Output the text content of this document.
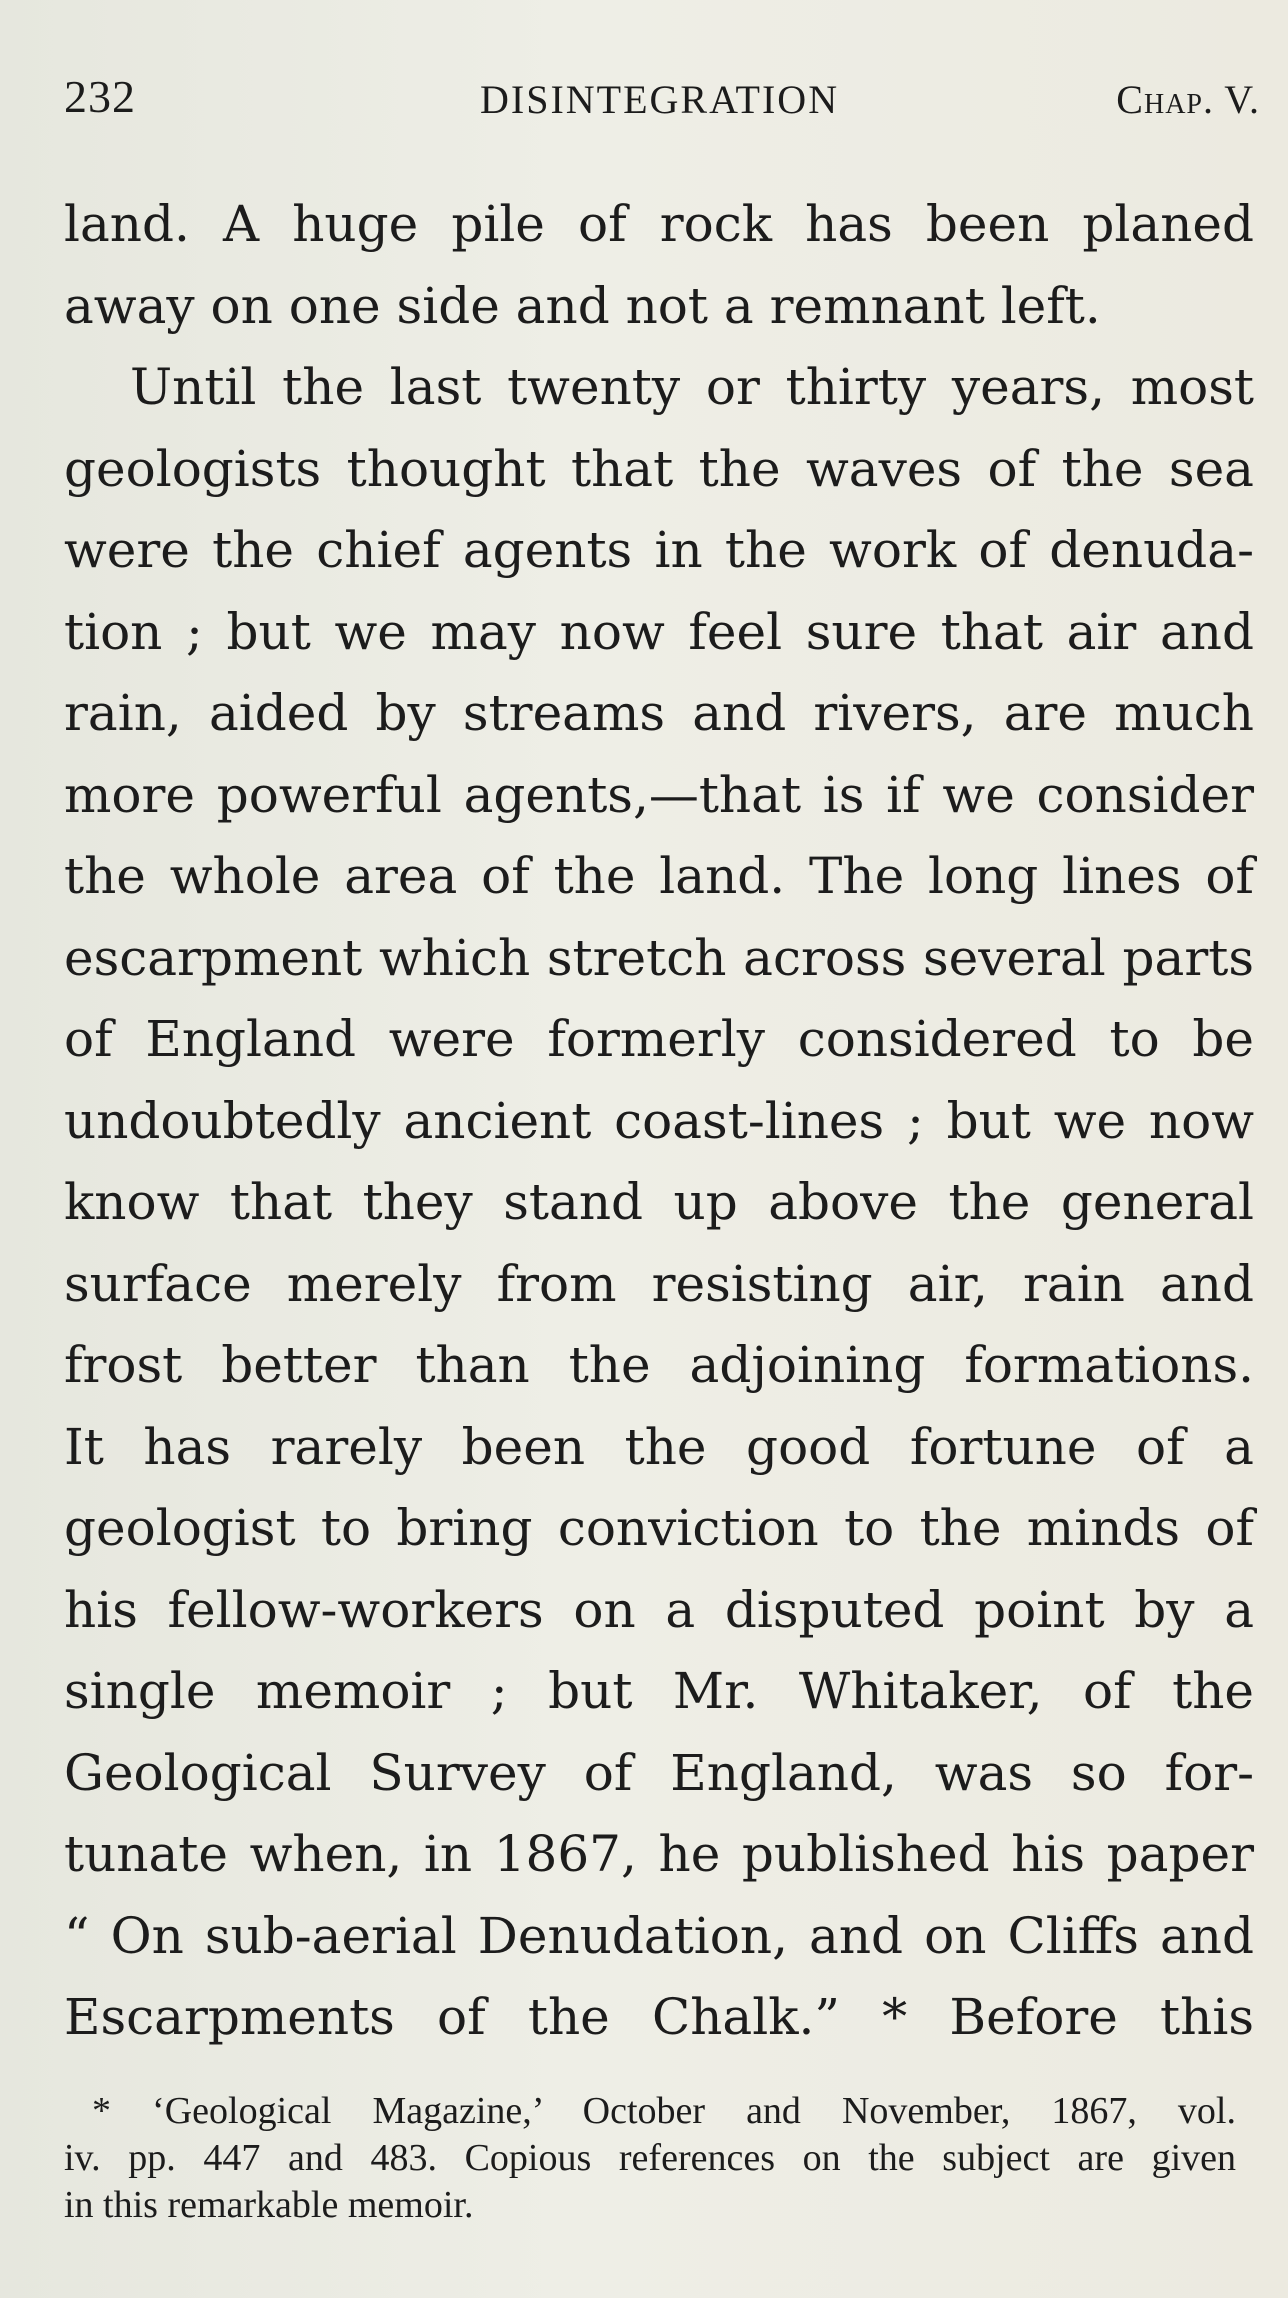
232	DISINTEGRATION	Chap. V.
land. A huge pile of rock has been planed
away on one side and not a remnant left.
Until the last twenty or thirty years, most
geologists thought that the waves of the sea
were the chief agents in the work of denuda-
tion ; but we may now feel sure that air and
rain, aided by streams and rivers, are much
more powerful agents,—that is if we consider
the whole area of the land. The long lines of
escarpment which stretch across several parts
of England were formerly considered to be
undoubtedly ancient coast-lines ; but we now
know that they stand up above the general
surface merely from resisting air, rain and
frost better than the adjoining formations.
It has rarely been the good fortune of a
geologist to bring conviction to the minds of
his fellow-workers on a disputed point by a
single memoir ; but Mr. Whitaker, of the
Geological Survey of England, was so for-
tunate when, in 1867, he published his paper
“ On sub-aerial Denudation, and on Cliffs and
Escarpments of the Chalk.” * Before this
* ‘Geological Magazine,’ October and November, 1867, vol.
iv. pp. 447 and 483. Copious references on the subject are given
in this remarkable memoir.
